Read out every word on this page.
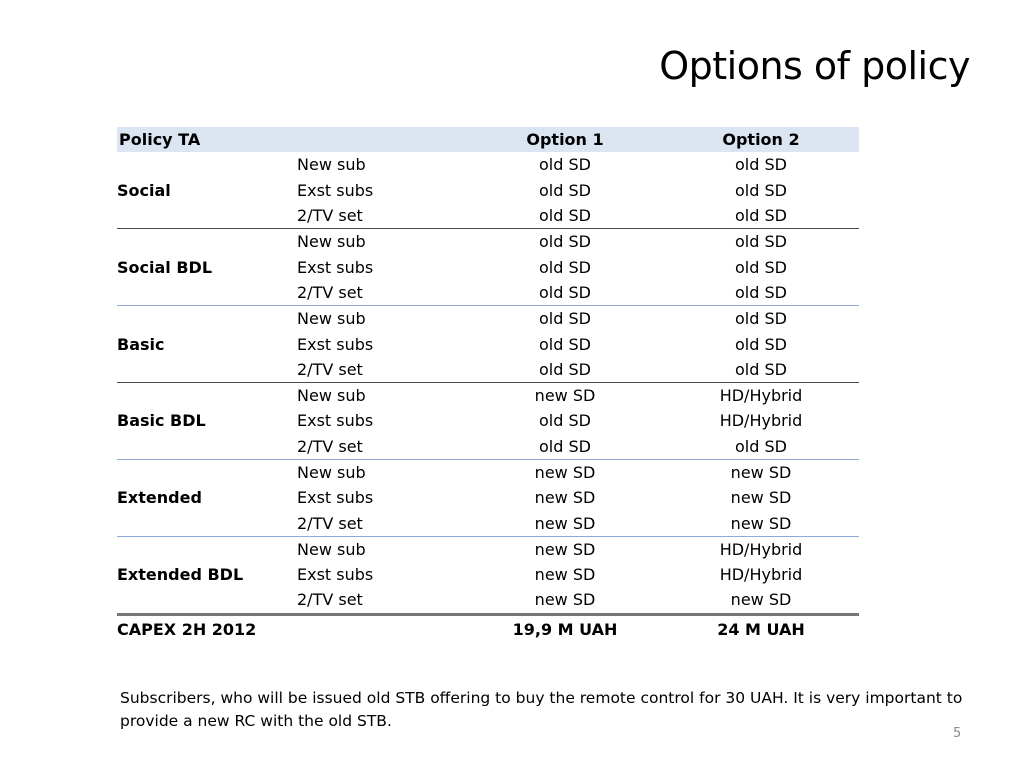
Options of policy
Policy TA		Option 1	Option 2
	New sub	old SD	old SD
Social	Exst subs	old SD	old SD
	2/TV set	old SD	old SD
	New sub	old SD	old SD
Social BDL	Exst subs	old SD	old SD
	2/TV set	old SD	old SD
	New sub	old SD	old SD
Basic	Exst subs	old SD	old SD
	2/TV set	old SD	old SD
	New sub	new SD	HD/Hybrid
Basic BDL	Exst subs	old SD	HD/Hybrid
	2/TV set	old SD	old SD
	New sub	new SD	new SD
Extended	Exst subs	new SD	new SD
	2/TV set	new SD	new SD
	New sub	new SD	HD/Hybrid
Extended BDL	Exst subs	new SD	HD/Hybrid
	2/TV set	new SD	new SD
CAPEX 2H 2012		19,9 M UAH	24 M UAH
Subscribers, who will be issued old STB offering to buy the remote control for 30 UAH. It is very important to provide a new RC with the old STB.
5
